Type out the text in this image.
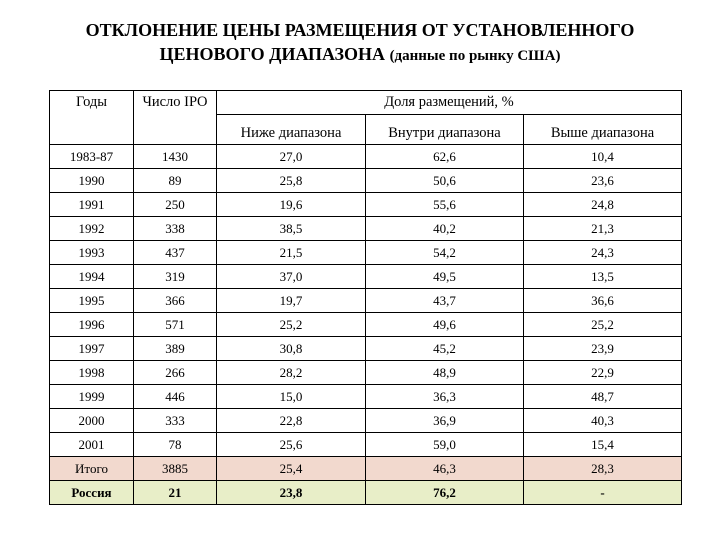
ОТКЛОНЕНИЕ ЦЕНЫ РАЗМЕЩЕНИЯ ОТ УСТАНОВЛЕННОГО
ЦЕНОВОГО ДИАПАЗОНА (данные по рынку США)
Годы	Число IPO	Доля размещений, %		
		Ниже диапазона	Внутри диапазона	Выше диапазона
1983-87	1430	27,0	62,6	10,4
1990	89	25,8	50,6	23,6
1991	250	19,6	55,6	24,8
1992	338	38,5	40,2	21,3
1993	437	21,5	54,2	24,3
1994	319	37,0	49,5	13,5
1995	366	19,7	43,7	36,6
1996	571	25,2	49,6	25,2
1997	389	30,8	45,2	23,9
1998	266	28,2	48,9	22,9
1999	446	15,0	36,3	48,7
2000	333	22,8	36,9	40,3
2001	78	25,6	59,0	15,4
Итого	3885	25,4	46,3	28,3
Россия	21	23,8	76,2	-
